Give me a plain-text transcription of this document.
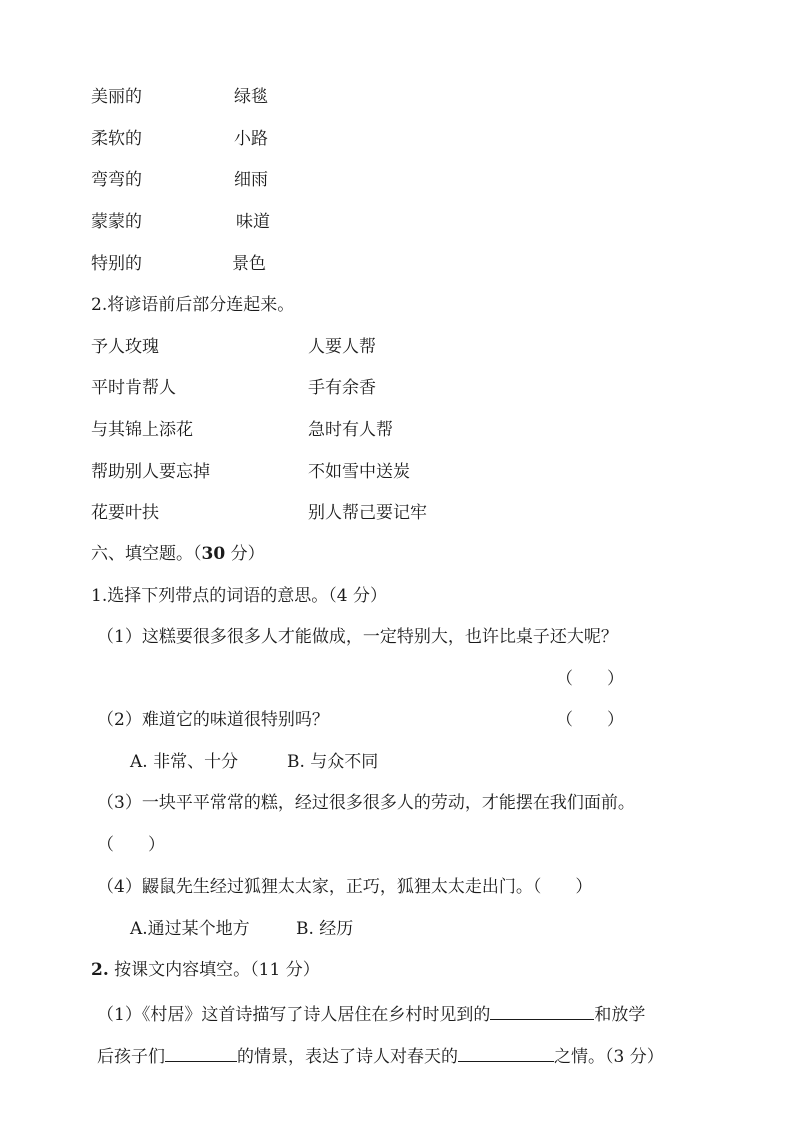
美丽的	绿毯
柔软的	小路
弯弯的	细雨
蒙蒙的	味道
特别的	景色
2.将谚语前后部分连起来。
予人玫瑰	人要人帮
平时肯帮人	手有余香
与其锦上添花	急时有人帮
帮助别人要忘掉	不如雪中送炭
花要叶扶	别人帮己要记牢
六、填空题。（30 分）
1.选择下列带点的词语的意思。（4 分）
（1）这糕要很多很多人才能做成，一定特别大，也许比桌子还大呢？
（　　）
（2）难道它的味道很特别吗？	（　　）
A. 非常、十分	B. 与众不同
（3）一块平平常常的糕，经过很多很多人的劳动，才能摆在我们面前。
（　　）
（4）鼹鼠先生经过狐狸太太家，正巧，狐狸太太走出门。（　　）
A.通过某个地方	B. 经历
2. 按课文内容填空。（11 分）
（1）《村居》这首诗描写了诗人居住在乡村时见到的	和放学
后孩子们	的情景，表达了诗人对春天的	之情。（3 分）
